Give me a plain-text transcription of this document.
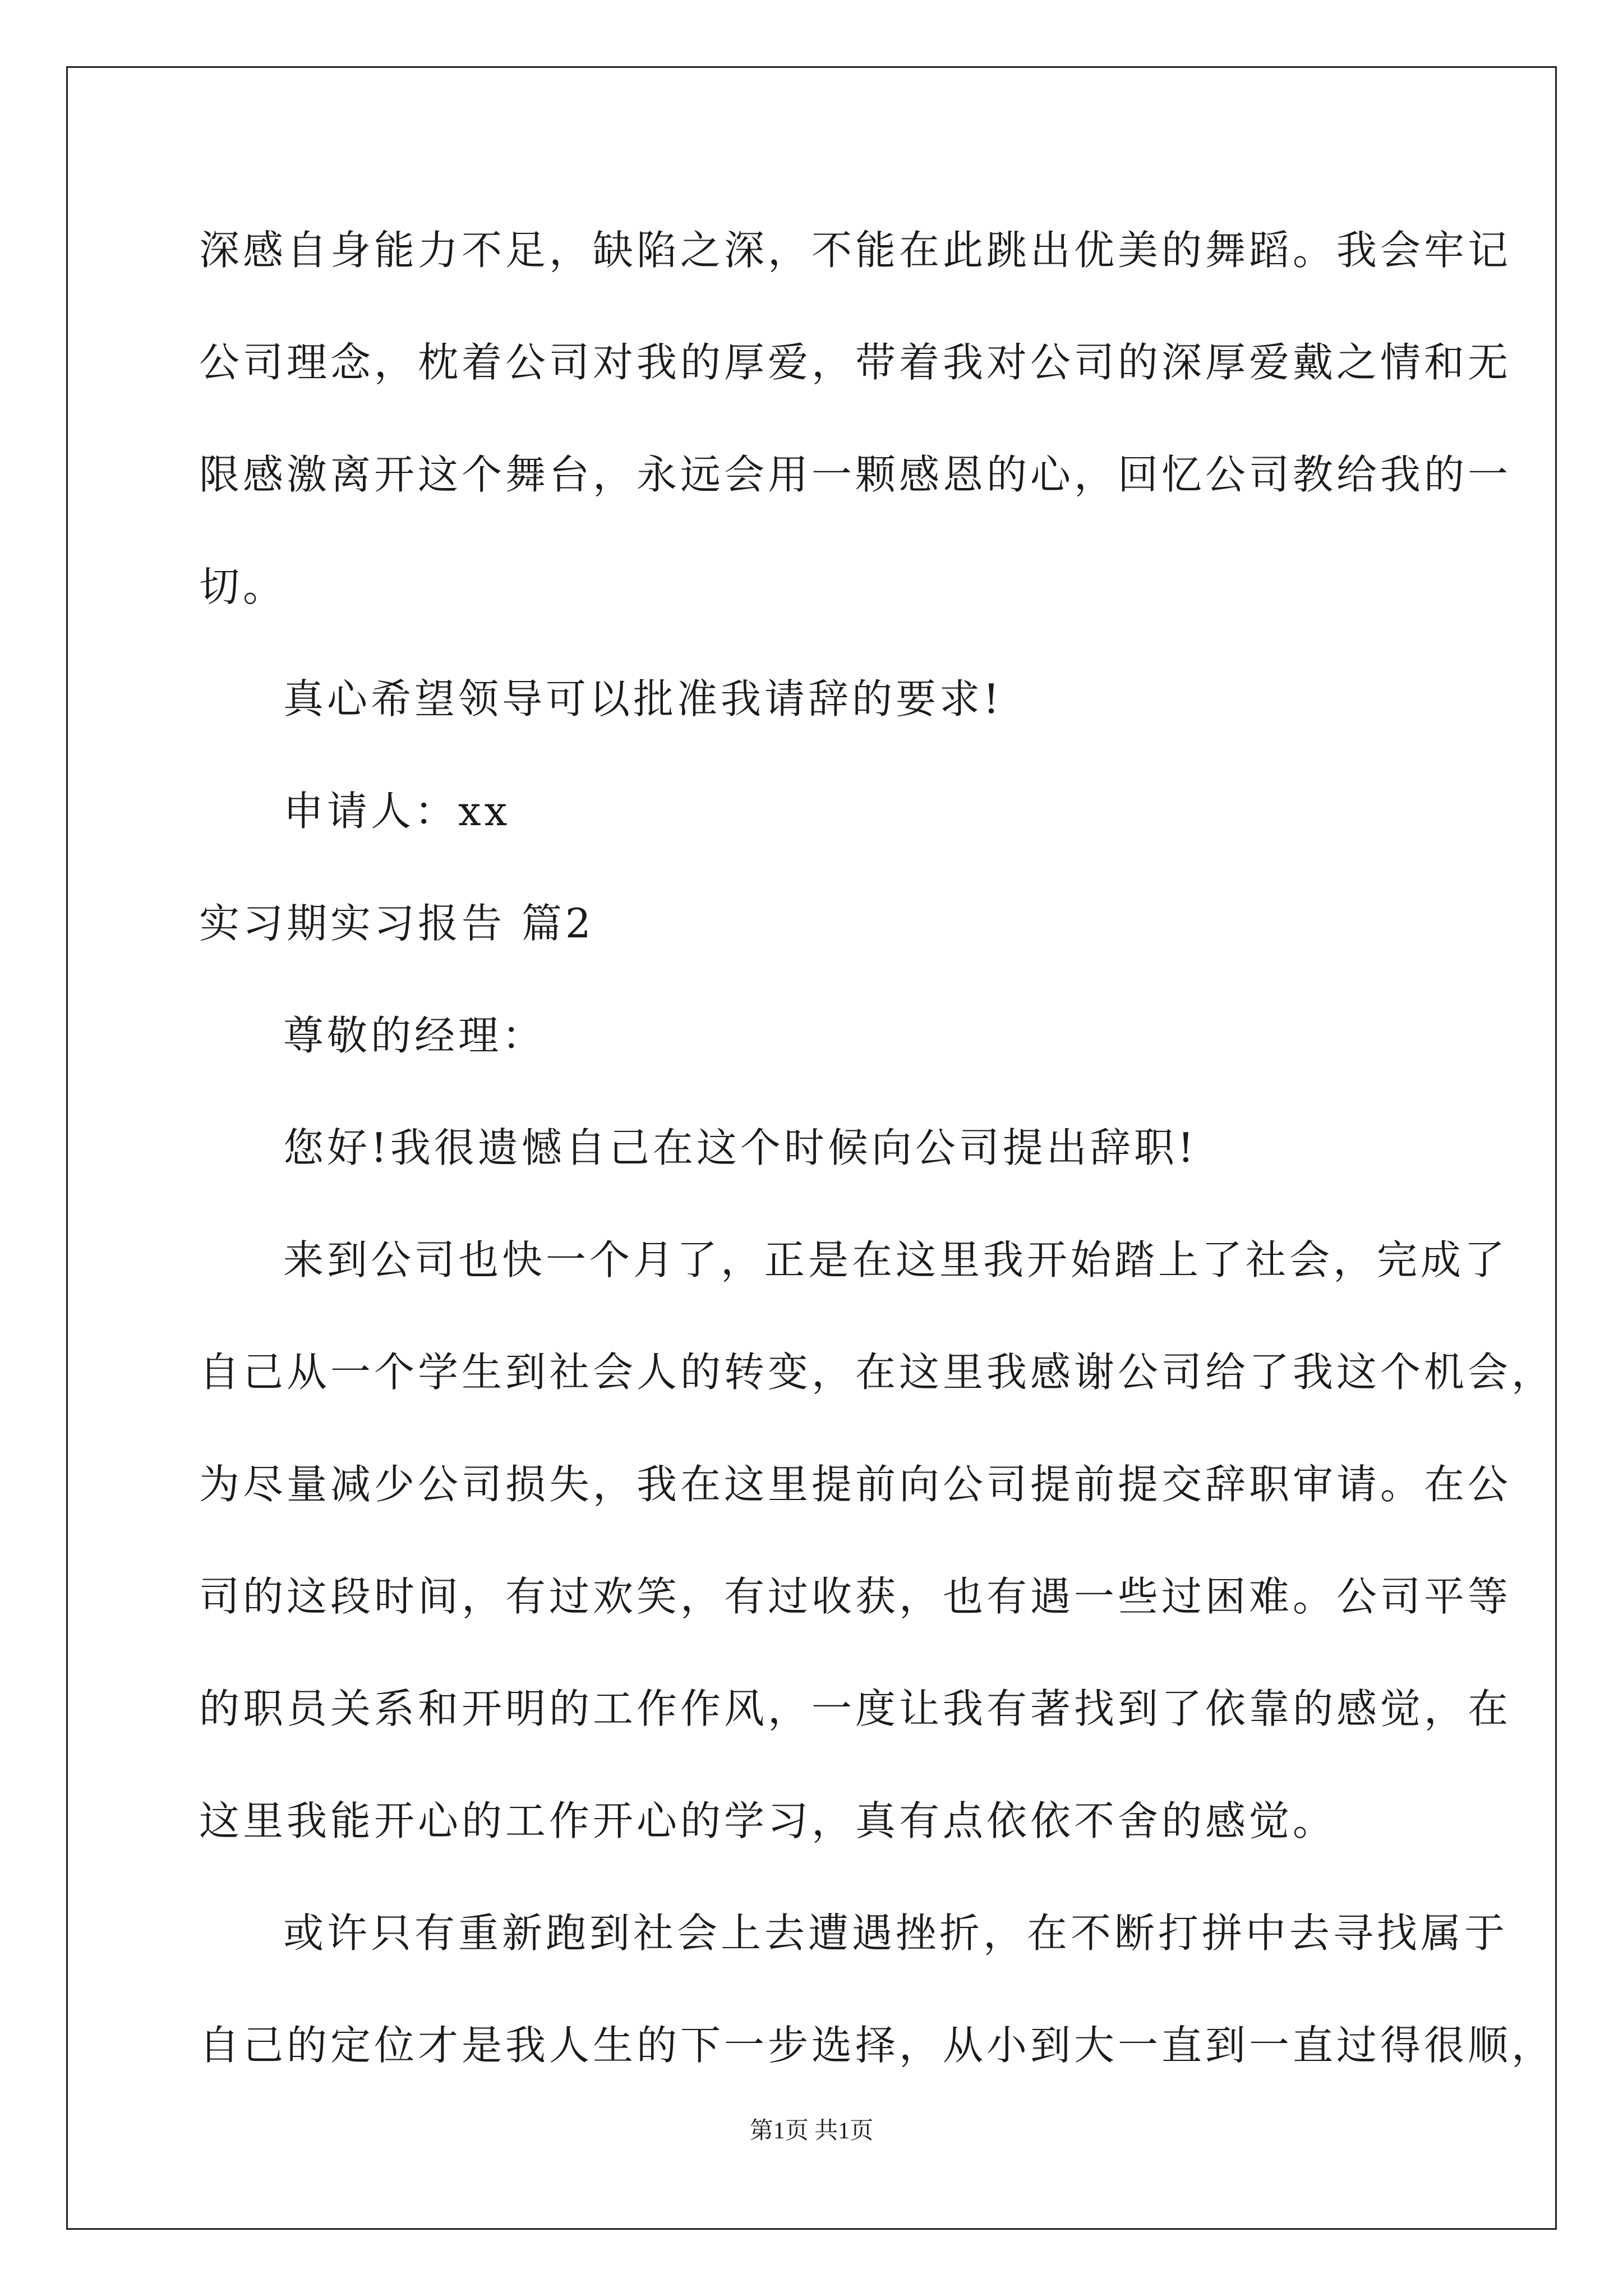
深感自身能力不足，缺陷之深，不能在此跳出优美的舞蹈。我会牢记
公司理念，枕着公司对我的厚爱，带着我对公司的深厚爱戴之情和无
限感激离开这个舞台，永远会用一颗感恩的心，回忆公司教给我的一
切。
真心希望领导可以批准我请辞的要求!
申请人：xx
实习期实习报告 篇2
尊敬的经理：
您好!我很遗憾自己在这个时候向公司提出辞职!
来到公司也快一个月了，正是在这里我开始踏上了社会，完成了
自己从一个学生到社会人的转变，在这里我感谢公司给了我这个机会，
为尽量减少公司损失，我在这里提前向公司提前提交辞职审请。在公
司的这段时间，有过欢笑，有过收获，也有遇一些过困难。公司平等
的职员关系和开明的工作作风，一度让我有著找到了依靠的感觉，在
这里我能开心的工作开心的学习，真有点依依不舍的感觉。
或许只有重新跑到社会上去遭遇挫折，在不断打拼中去寻找属于
自己的定位才是我人生的下一步选择，从小到大一直到一直过得很顺，
第1页 共1页
